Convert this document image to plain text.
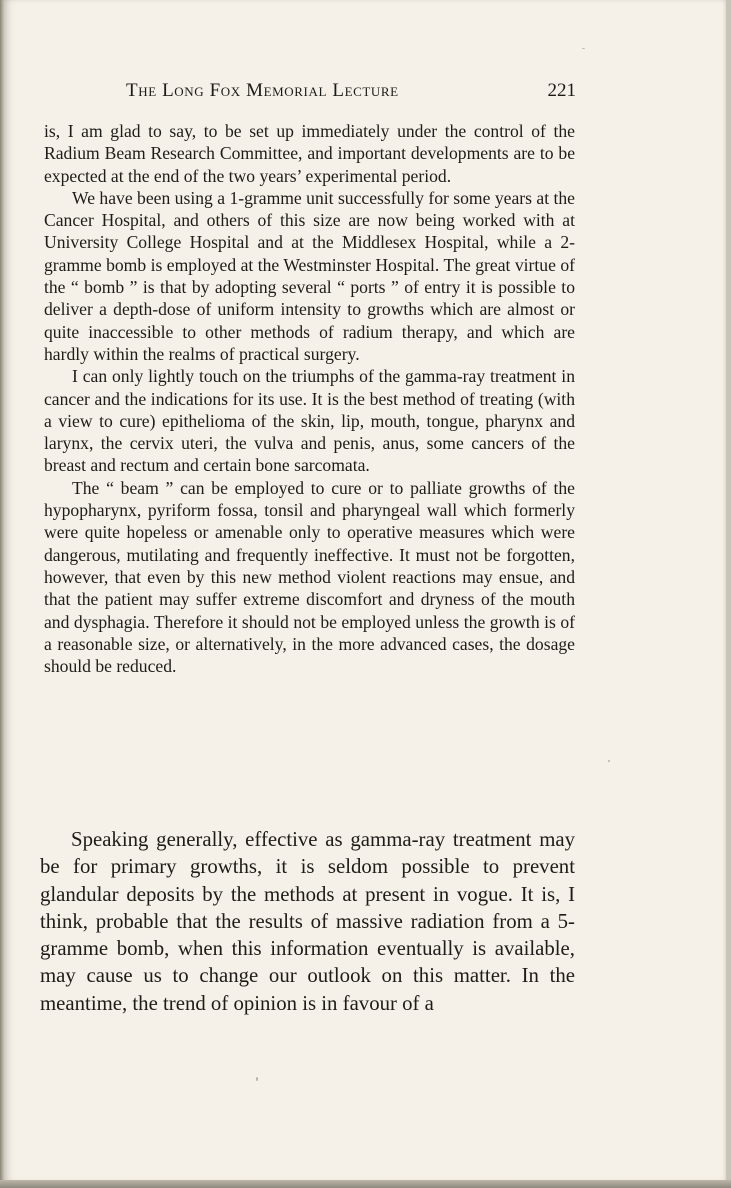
The Long Fox Memorial Lecture	221

is, I am glad to say, to be set up immediately under the control of the Radium Beam Research Committee, and important developments are to be expected at the end of the two years’ experimental period.

We have been using a 1-gramme unit successfully for some years at the Cancer Hospital, and others of this size are now being worked with at University College Hospital and at the Middlesex Hospital, while a 2-gramme bomb is employed at the Westminster Hospital. The great virtue of the “ bomb ” is that by adopting several “ ports ” of entry it is possible to deliver a depth-dose of uniform intensity to growths which are almost or quite inaccessible to other methods of radium therapy, and which are hardly within the realms of practical surgery.

I can only lightly touch on the triumphs of the gamma-ray treatment in cancer and the indications for its use. It is the best method of treating (with a view to cure) epithelioma of the skin, lip, mouth, tongue, pharynx and larynx, the cervix uteri, the vulva and penis, anus, some cancers of the breast and rectum and certain bone sarcomata.

The “ beam ” can be employed to cure or to palliate growths of the hypopharynx, pyriform fossa, tonsil and pharyngeal wall which formerly were quite hopeless or amenable only to operative measures which were dangerous, mutilating and frequently ineffective. It must not be forgotten, however, that even by this new method violent reactions may ensue, and that the patient may suffer extreme discomfort and dryness of the mouth and dysphagia. Therefore it should not be employed unless the growth is of a reasonable size, or alternatively, in the more advanced cases, the dosage should be reduced.

Speaking generally, effective as gamma-ray treatment may be for primary growths, it is seldom possible to prevent glandular deposits by the methods at present in vogue. It is, I think, probable that the results of massive radiation from a 5-gramme bomb, when this information eventually is available, may cause us to change our outlook on this matter. In the meantime, the trend of opinion is in favour of a
